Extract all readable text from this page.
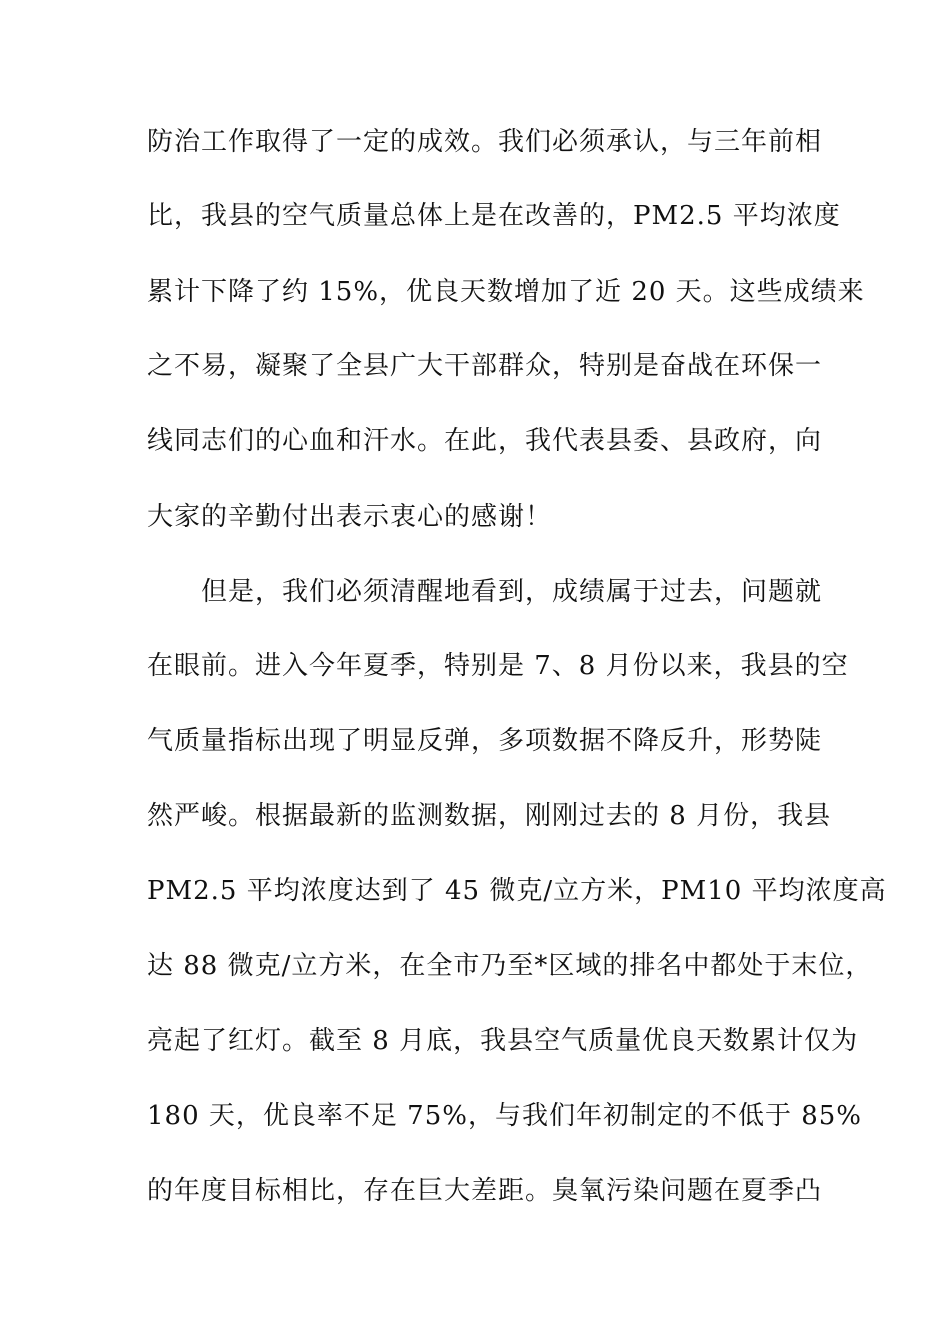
防治工作取得了一定的成效。我们必须承认，与三年前相
比，我县的空气质量总体上是在改善的，PM2.5 平均浓度
累计下降了约 15%，优良天数增加了近 20 天。这些成绩来
之不易，凝聚了全县广大干部群众，特别是奋战在环保一
线同志们的心血和汗水。在此，我代表县委、县政府，向
大家的辛勤付出表示衷心的感谢！
　　但是，我们必须清醒地看到，成绩属于过去，问题就
在眼前。进入今年夏季，特别是 7、8 月份以来，我县的空
气质量指标出现了明显反弹，多项数据不降反升，形势陡
然严峻。根据最新的监测数据，刚刚过去的 8 月份，我县
PM2.5 平均浓度达到了 45 微克/立方米，PM10 平均浓度高
达 88 微克/立方米，在全市乃至*区域的排名中都处于末位，
亮起了红灯。截至 8 月底，我县空气质量优良天数累计仅为
180 天，优良率不足 75%，与我们年初制定的不低于 85%
的年度目标相比，存在巨大差距。臭氧污染问题在夏季凸
